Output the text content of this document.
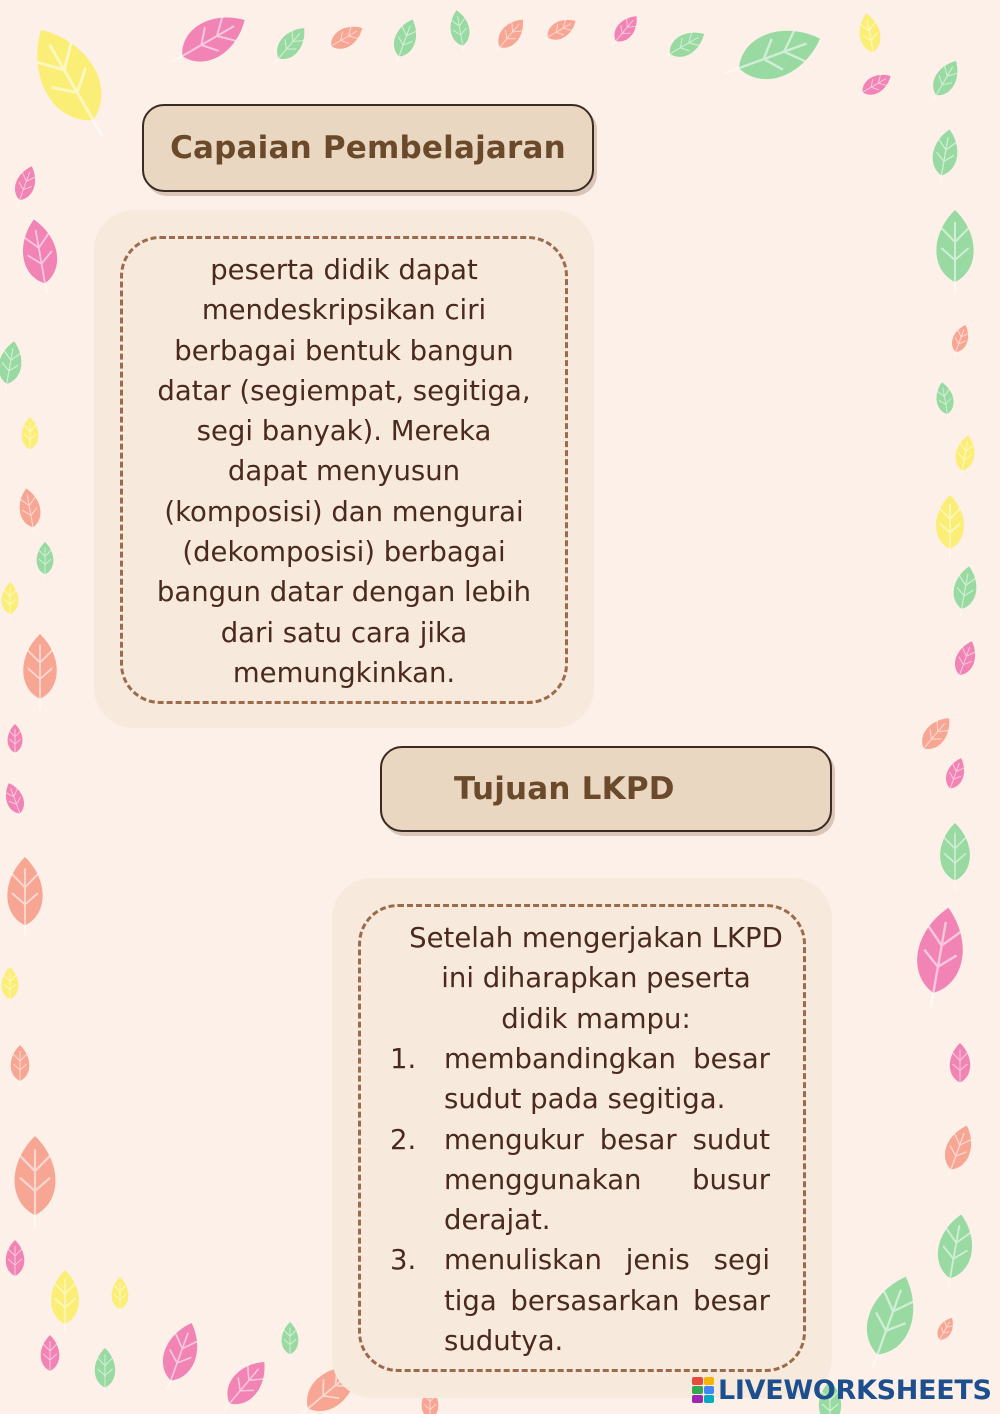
Capaian Pembelajaran
peserta didik dapat
mendeskripsikan ciri
berbagai bentuk bangun
datar (segiempat, segitiga,
segi banyak). Mereka
dapat menyusun
(komposisi) dan mengurai
(dekomposisi) berbagai
bangun datar dengan lebih
dari satu cara jika
memungkinkan.
Tujuan LKPD
Setelah mengerjakan LKPD
ini diharapkan peserta
didik mampu:
1. membandingkan besar sudut pada segitiga.
2. mengukur besar sudut menggunakan busur derajat.
3. menuliskan jenis segi tiga bersasarkan besar sudutya.
LIVEWORKSHEETS
